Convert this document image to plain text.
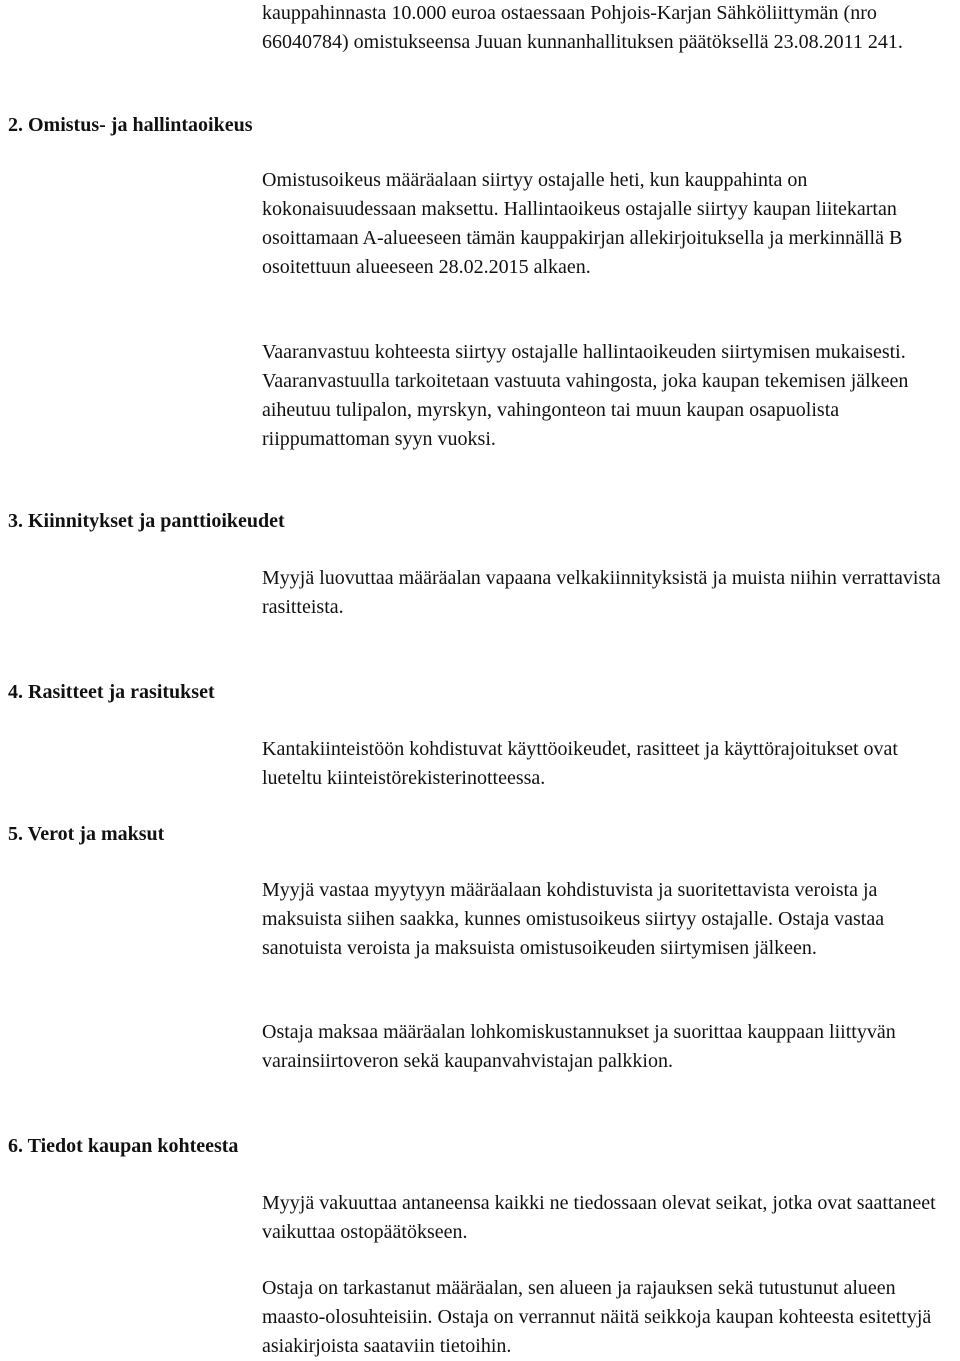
kauppahinnasta 10.000 euroa ostaessaan Pohjois-Karjan Sähköliittymän (nro 66040784) omistukseensa Juuan kunnanhallituksen päätöksellä 23.08.2011 241.

2. Omistus- ja hallintaoikeus

Omistusoikeus määräalaan siirtyy ostajalle heti, kun kauppahinta on kokonaisuudessaan maksettu. Hallintaoikeus ostajalle siirtyy kaupan liitekartan osoittamaan A-alueeseen tämän kauppakirjan allekirjoituksella ja merkinnällä B osoitettuun alueeseen 28.02.2015 alkaen.

Vaaranvastuu kohteesta siirtyy ostajalle hallintaoikeuden siirtymisen mukaisesti. Vaaranvastuulla tarkoitetaan vastuuta vahingosta, joka kaupan tekemisen jälkeen aiheutuu tulipalon, myrskyn, vahingonteon tai muun kaupan osapuolista riippumattoman syyn vuoksi.

3. Kiinnitykset ja panttioikeudet

Myyjä luovuttaa määräalan vapaana velkakiinnityksistä ja muista niihin verrattavista rasitteista.

4. Rasitteet ja rasitukset

Kantakiinteistöön kohdistuvat käyttöoikeudet, rasitteet ja käyttörajoitukset ovat lueteltu kiinteistörekisterinotteessa.

5. Verot ja maksut

Myyjä vastaa myytyyn määräalaan kohdistuvista ja suoritettavista veroista ja maksuista siihen saakka, kunnes omistusoikeus siirtyy ostajalle. Ostaja vastaa sanotuista veroista ja maksuista omistusoikeuden siirtymisen jälkeen.

Ostaja maksaa määräalan lohkomiskustannukset ja suorittaa kauppaan liittyvän varainsiirtoveron sekä kaupanvahvistajan palkkion.

6. Tiedot kaupan kohteesta

Myyjä vakuuttaa antaneensa kaikki ne tiedossaan olevat seikat, jotka ovat saattaneet vaikuttaa ostopäätökseen.

Ostaja on tarkastanut määräalan, sen alueen ja rajauksen sekä tutustunut alueen maasto-olosuhteisiin. Ostaja on verrannut näitä seikkoja kaupan kohteesta esitettyjä asiakirjoista saataviin tietoihin.
